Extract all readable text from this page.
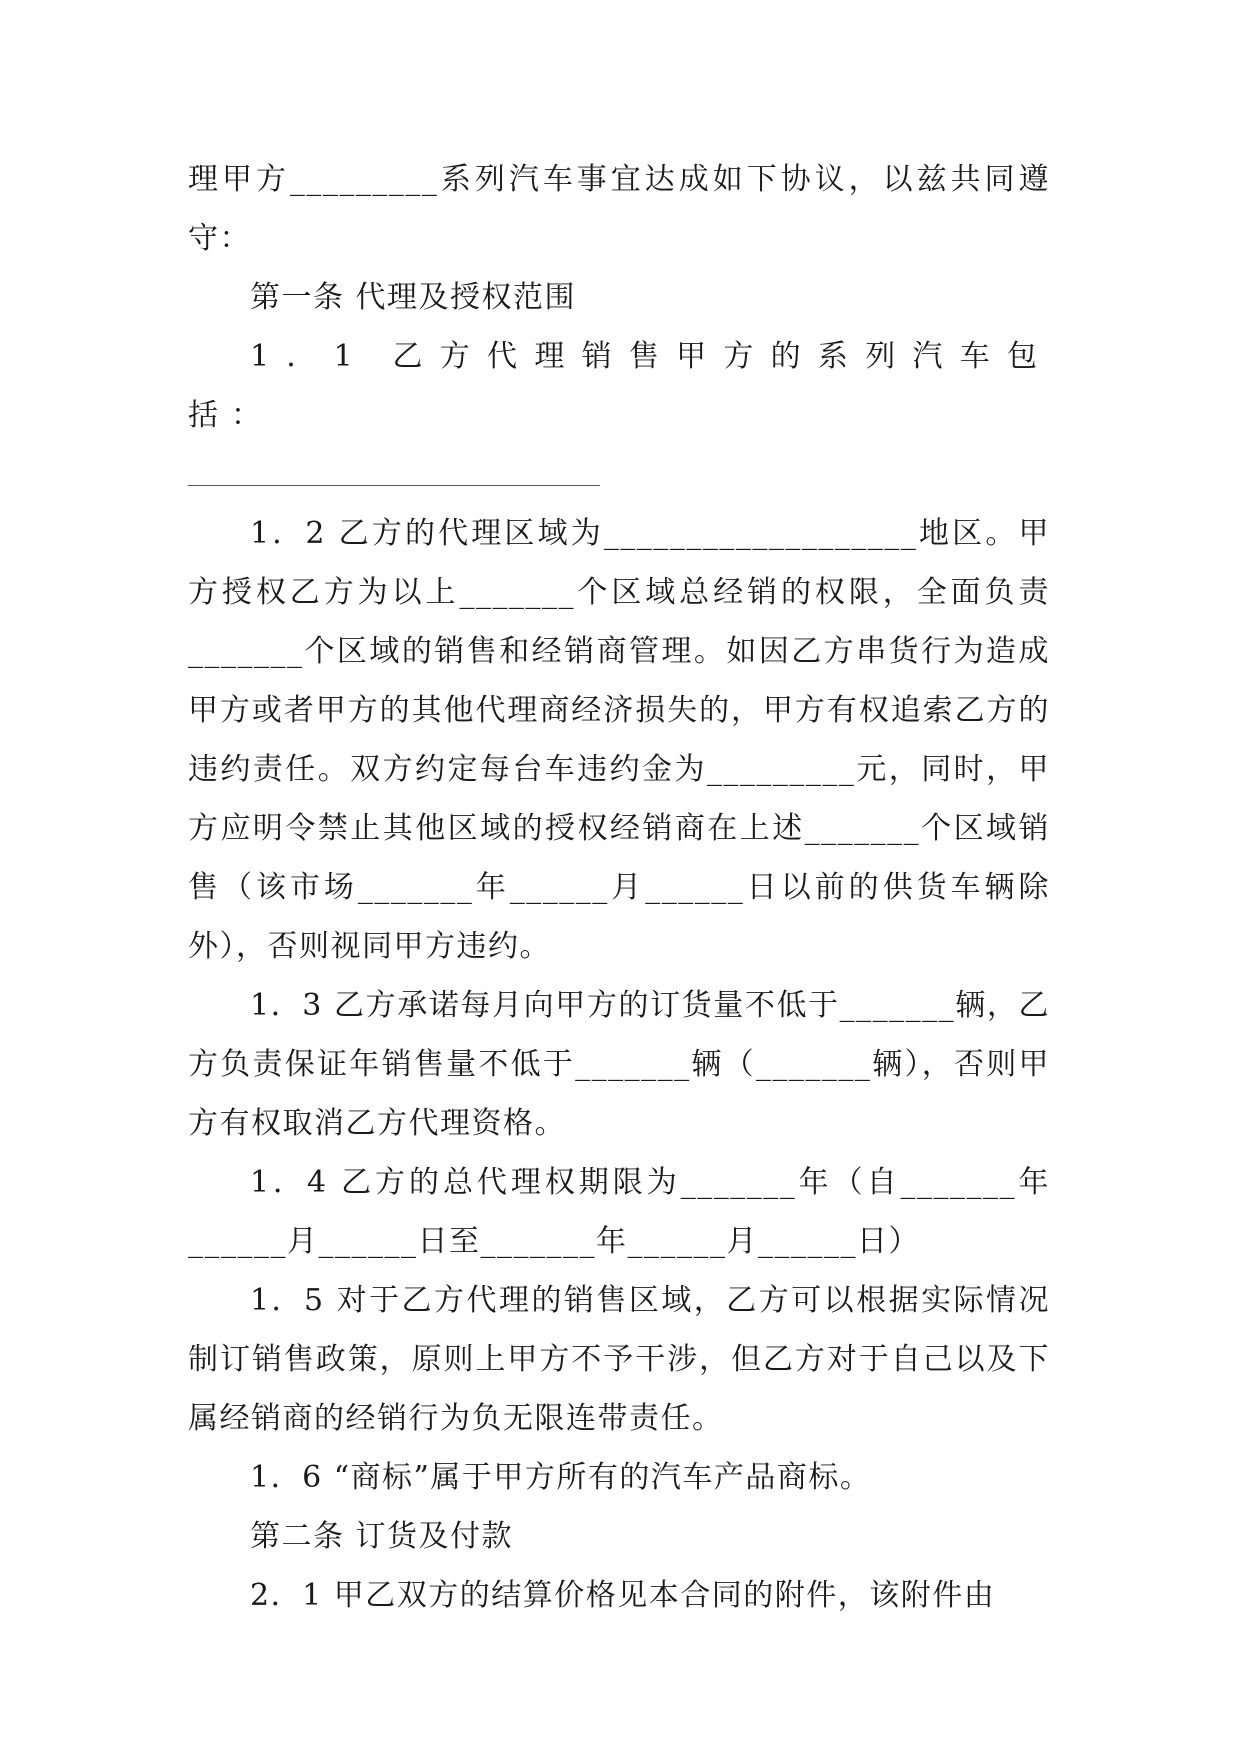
理甲方_________系列汽车事宜达成如下协议，以兹共同遵守：

第一条 代理及授权范围

1．1 乙方代理销售甲方的系列汽车包括：

1．2 乙方的代理区域为___________________地区。甲方授权乙方为以上_______个区域总经销的权限，全面负责_______个区域的销售和经销商管理。如因乙方串货行为造成甲方或者甲方的其他代理商经济损失的，甲方有权追索乙方的违约责任。双方约定每台车违约金为_________元，同时，甲方应明令禁止其他区域的授权经销商在上述_______个区域销售（该市场_______年______月______日以前的供货车辆除外），否则视同甲方违约。

1．3 乙方承诺每月向甲方的订货量不低于_______辆，乙方负责保证年销售量不低于_______辆（_______辆），否则甲方有权取消乙方代理资格。

1．4 乙方的总代理权期限为_______年（自_______年______月______日至_______年______月______日）

1．5 对于乙方代理的销售区域，乙方可以根据实际情况制订销售政策，原则上甲方不予干涉，但乙方对于自己以及下属经销商的经销行为负无限连带责任。

1．6 “商标”属于甲方所有的汽车产品商标。

第二条 订货及付款

2．1 甲乙双方的结算价格见本合同的附件，该附件由
